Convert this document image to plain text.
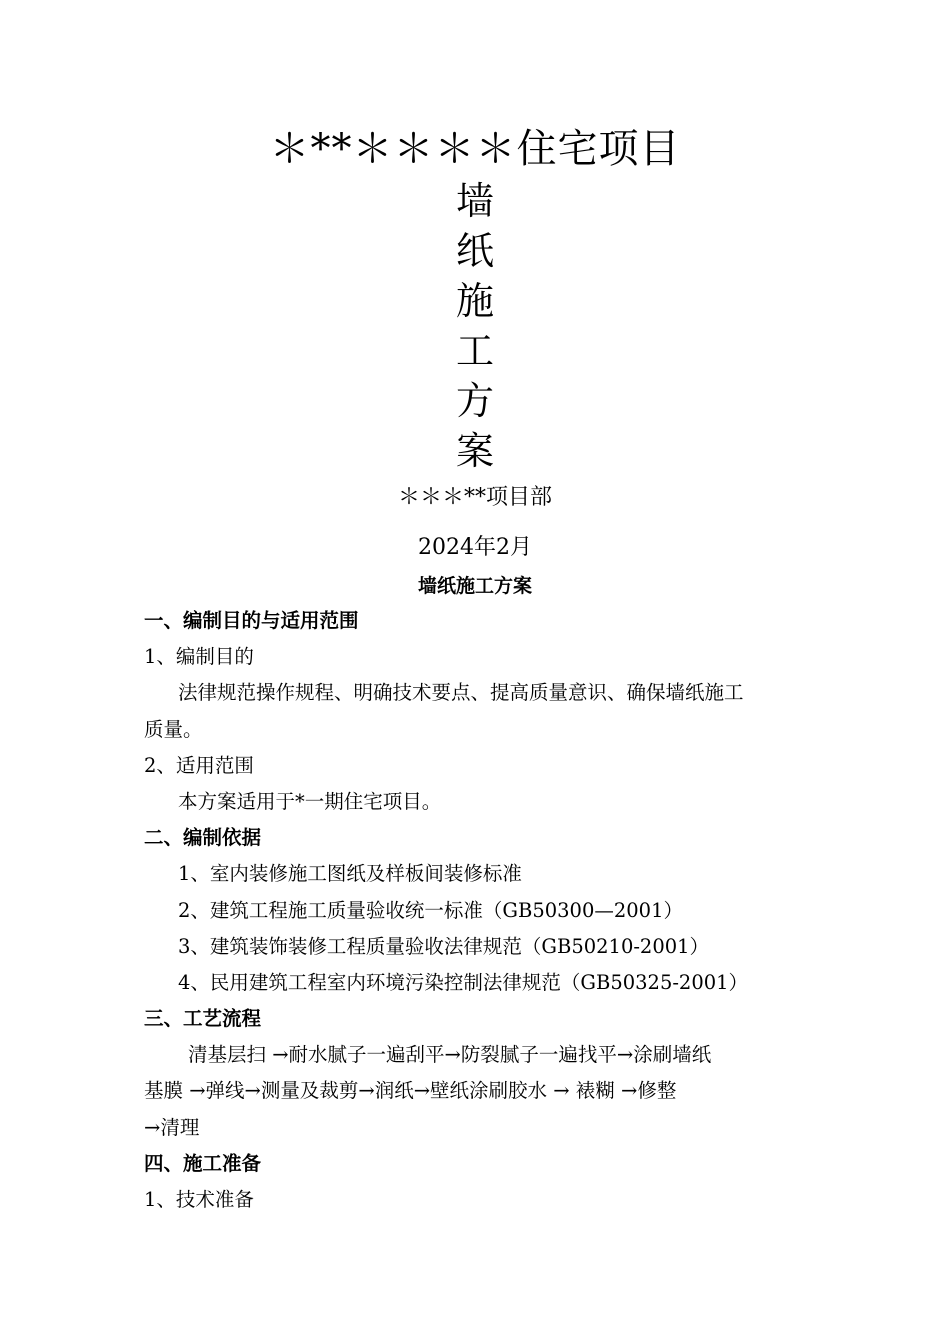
＊**＊＊＊＊住宅项目
墙
纸
施
工
方
案
＊＊＊**项目部
2024年2月
墙纸施工方案
一、编制目的与适用范围
1、编制目的
法律规范操作规程、明确技术要点、提高质量意识、确保墙纸施工
质量。
2、适用范围
本方案适用于*一期住宅项目。
二、编制依据
1、室内装修施工图纸及样板间装修标准
2、建筑工程施工质量验收统一标准（GB50300—2001）
3、建筑装饰装修工程质量验收法律规范（GB50210-2001）
4、民用建筑工程室内环境污染控制法律规范（GB50325-2001）
三、工艺流程
清基层扫 →耐水腻子一遍刮平→防裂腻子一遍找平→涂刷墙纸
基膜 →弹线→测量及裁剪→润纸→壁纸涂刷胶水 → 裱糊 →修整
→清理
四、施工准备
1、技术准备
